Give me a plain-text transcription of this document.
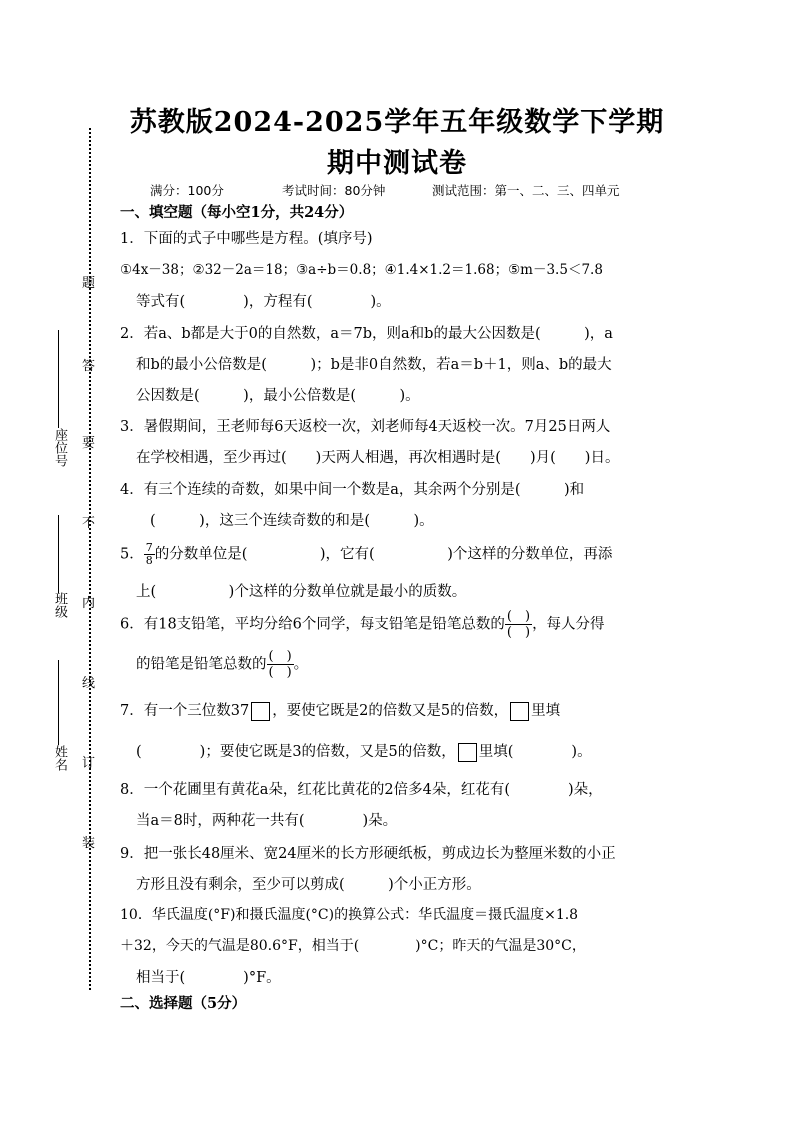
座位号
班级
姓名
题
答
要
不
内
线
订
装
苏教版2024-2025学年五年级数学下学期
期中测试卷
满分：100分	考试时间：80分钟	测试范围：第一、二、三、四单元
一、填空题（每小空1分，共24分）
1．下面的式子中哪些是方程。(填序号)
①4x－38；②32－2a＝18；③a÷b＝0.8；④1.4×1.2＝1.68；⑤m－3.5＜7.8
等式有(　　　　)，方程有(　　　　)。
2．若a、b都是大于0的自然数，a＝7b，则a和b的最大公因数是(　　　)，a
和b的最小公倍数是(　　　)；b是非0自然数，若a＝b＋1，则a、b的最大
公因数是(　　　)，最小公倍数是(　　　)。
3．暑假期间，王老师每6天返校一次，刘老师每4天返校一次。7月25日两人
在学校相遇，至少再过(　　)天两人相遇，再次相遇时是(　　)月(　　)日。
4．有三个连续的奇数，如果中间一个数是a，其余两个分别是(　　　)和
(　　　)，这三个连续奇数的和是(　　　)。
5． $\frac{7}{8}$ 的分数单位是(　　　　　)，它有(　　　　　)个这样的分数单位，再添
上(　　　　　)个这样的分数单位就是最小的质数。
6．有18支铅笔，平均分给6个同学，每支铅笔是铅笔总数的 $\frac{( )}{( )}$ ，每人分得
的铅笔是铅笔总数的 $\frac{( )}{( )}$ 。
7．有一个三位数37 ，要使它既是2的倍数又是5的倍数， 里填
(　　　　)；要使它既是3的倍数，又是5的倍数， 里填(　　　　)。
8．一个花圃里有黄花a朵，红花比黄花的2倍多4朵，红花有(　　　　)朵，
当a＝8时，两种花一共有(　　　　)朵。
9．把一张长48厘米、宽24厘米的长方形硬纸板，剪成边长为整厘米数的小正
方形且没有剩余，至少可以剪成(　　　)个小正方形。
10．华氏温度(°F)和摄氏温度(°C)的换算公式：华氏温度＝摄氏温度×1.8
＋32，今天的气温是80.6°F，相当于(　　　　)°C；昨天的气温是30°C，
相当于(　　　　)°F。
二、选择题（5分）
